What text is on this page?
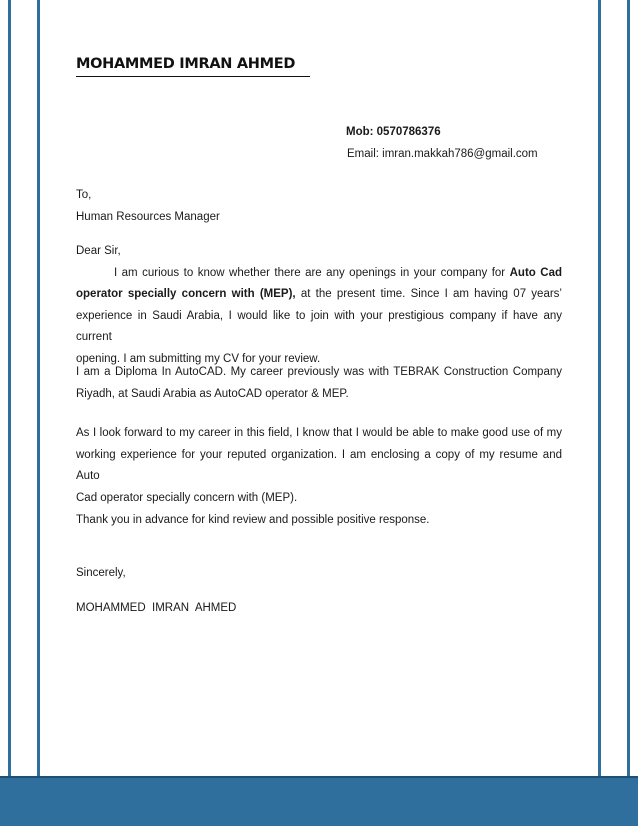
MOHAMMED IMRAN AHMED
Mob: 0570786376
Email: imran.makkah786@gmail.com

To,
Human Resources Manager

Dear Sir,
I am curious to know whether there are any openings in your company for Auto Cad
operator specially concern with (MEP), at the present time. Since I am having 07 years’
experience in Saudi Arabia, I would like to join with your prestigious company if have any current
opening. I am submitting my CV for your review.

I am a Diploma In AutoCAD. My career previously was with TEBRAK Construction Company
Riyadh, at Saudi Arabia as AutoCAD operator & MEP.

As I look forward to my career in this field, I know that I would be able to make good use of my
working experience for your reputed organization. I am enclosing a copy of my resume and Auto
Cad operator specially concern with (MEP).

Thank you in advance for kind review and possible positive response.

Sincerely,

MOHAMMED  IMRAN  AHMED
